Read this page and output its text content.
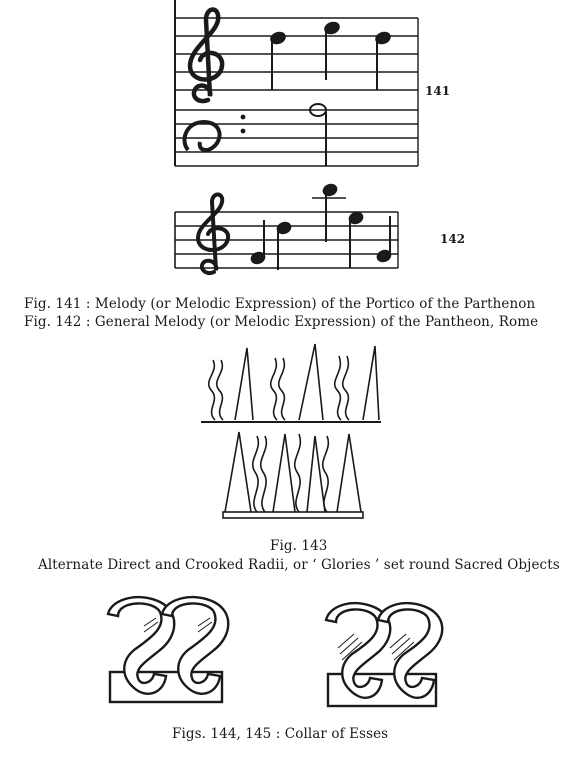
141
142
Fig. 141 : Melody (or Melodic Expression) of the Portico of the Parthenon
Fig. 142 : General Melody (or Melodic Expression) of the Pantheon, Rome
Fig. 143
Alternate Direct and Crooked Radii, or ‘ Glories ’ set round Sacred Objects
Figs. 144, 145 : Collar of Esses
